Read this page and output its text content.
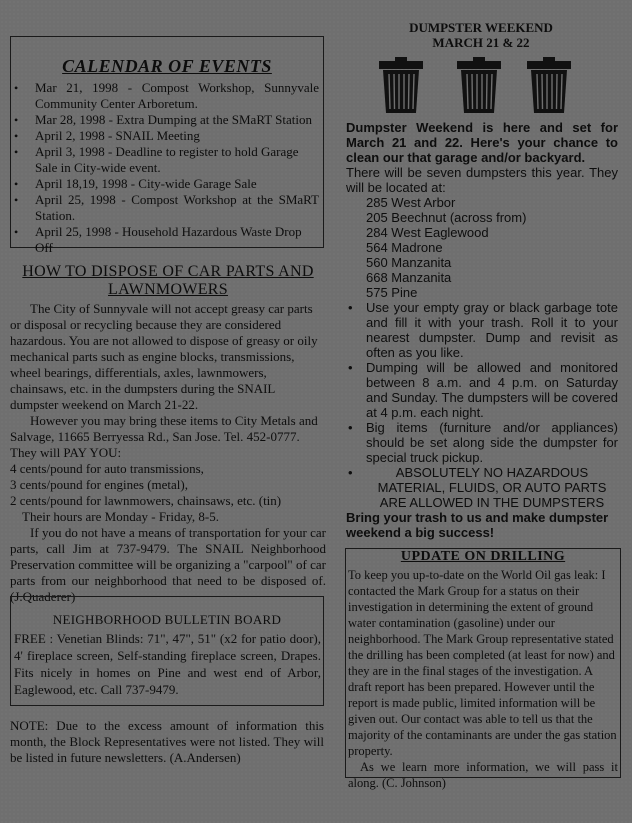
CALENDAR OF EVENTS
• Mar 21, 1998 - Compost Workshop, Sunnyvale Community Center Arboretum.
• Mar 28, 1998 - Extra Dumping at the SMaRT Station
• April 2, 1998 - SNAIL Meeting
• April 3, 1998 - Deadline to register to hold Garage Sale in City-wide event.
• April 18,19, 1998 - City-wide Garage Sale
• April 25, 1998 - Compost Workshop at the SMaRT Station.
• April 25, 1998 - Household Hazardous Waste Drop Off
HOW TO DISPOSE OF CAR PARTS AND LAWNMOWERS

The City of Sunnyvale will not accept greasy car parts or disposal or recycling because they are considered hazardous. You are not allowed to dispose of greasy or oily mechanical parts such as engine blocks, transmissions, wheel bearings, differentials, axles, lawnmowers, chainsaws, etc. in the dumpsters during the SNAIL dumpster weekend on March 21-22.

However you may bring these items to City Metals and Salvage, 11665 Berryessa Rd., San Jose. Tel. 452-0777. They will PAY YOU:

4 cents/pound for auto transmissions,

3 cents/pound for engines (metal),

2 cents/pound for lawnmowers, chainsaws, etc. (tin)

Their hours are Monday - Friday, 8-5.

If you do not have a means of transportation for your car parts, call Jim at 737-9479. The SNAIL Neighborhood Preservation committee will be organizing a "carpool" of car parts from our neighborhood that need to be disposed of. (J.Quaderer)

NEIGHBORHOOD BULLETIN BOARD
FREE : Venetian Blinds: 71", 47", 51" (x2 for patio door), 4' fireplace screen, Self-standing fireplace screen, Drapes. Fits nicely in homes on Pine and west end of Arbor, Eaglewood, etc. Call 737-9479.
NOTE: Due to the excess amount of information this month, the Block Representatives were not listed. They will be listed in future newsletters. (A.Andersen)
DUMPSTER WEEKEND
MARCH 21 & 22

Dumpster Weekend is here and set for March 21 and 22. Here's your chance to clean our that garage and/or backyard.

There will be seven dumpsters this year. They will be located at:

285 West Arbor
205 Beechnut (across from)
284 West Eaglewood
564 Madrone
560 Manzanita
668 Manzanita
575 Pine
• Use your empty gray or black garbage tote and fill it with your trash. Roll it to your nearest dumpster. Dump and revisit as often as you like.
• Dumping will be allowed and monitored between 8 a.m. and 4 p.m. on Saturday and Sunday. The dumpsters will be covered at 4 p.m. each night.
• Big items (furniture and/or appliances) should be set along side the dumpster for special truck pickup.
• ABSOLUTELY NO HAZARDOUS MATERIAL, FLUIDS, OR AUTO PARTS ARE ALLOWED IN THE DUMPSTERS

Bring your trash to us and make dumpster weekend a big success!

UPDATE ON DRILLING

To keep you up-to-date on the World Oil gas leak: I contacted the Mark Group for a status on their investigation in determining the extent of ground water contamination (gasoline) under our neighborhood. The Mark Group representative stated the drilling has been completed (at least for now) and they are in the final stages of the investigation. A draft report has been prepared. However until the report is made public, limited information will be given out. Our contact was able to tell us that the majority of the contaminants are under the gas station property.

As we learn more information, we will pass it along. (C. Johnson)
